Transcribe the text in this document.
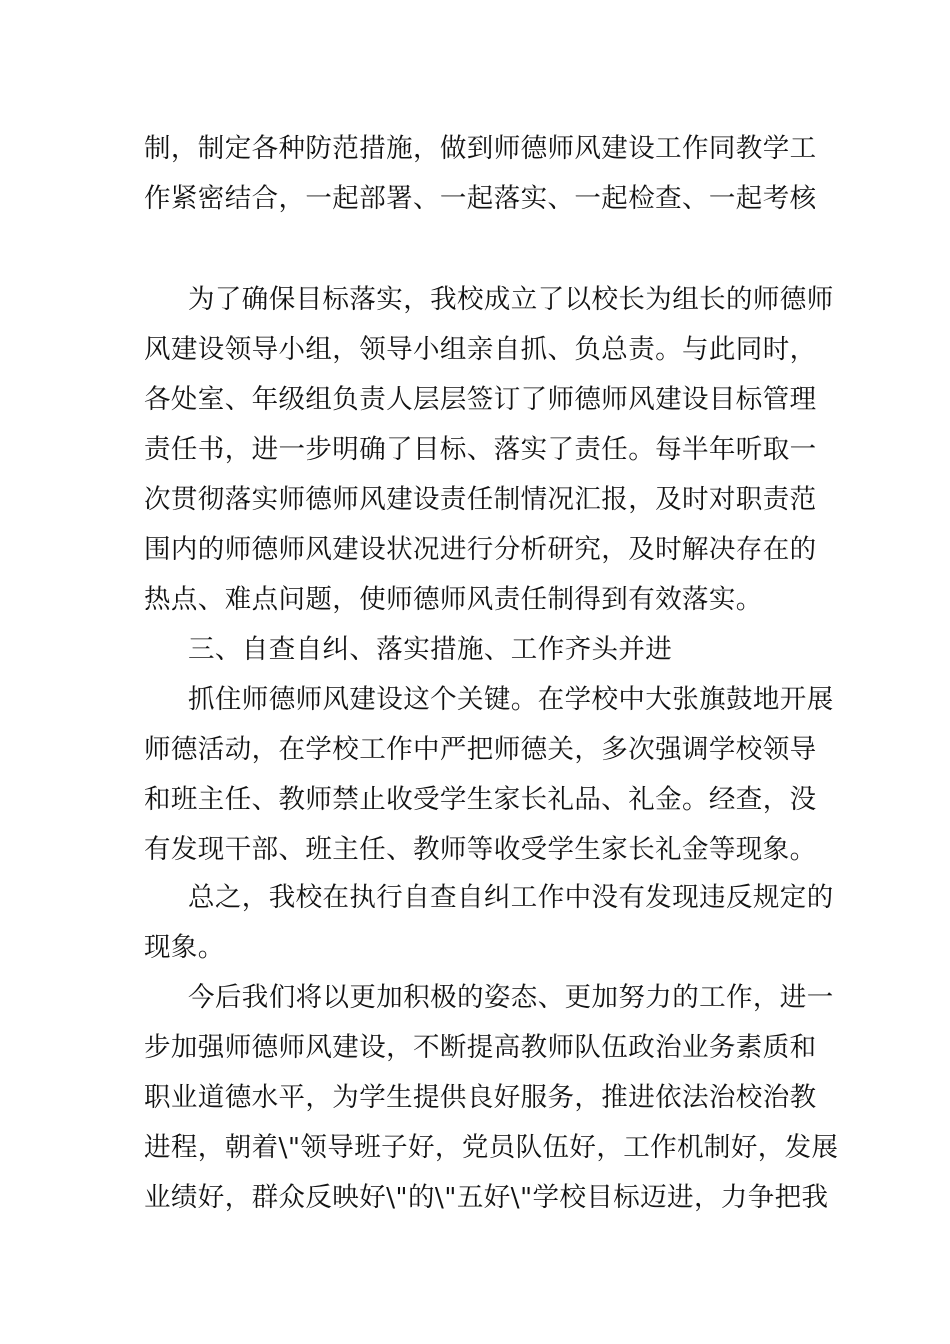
制，制定各种防范措施，做到师德师风建设工作同教学工

作紧密结合，一起部署、一起落实、一起检查、一起考核

为了确保目标落实，我校成立了以校长为组长的师德师

风建设领导小组，领导小组亲自抓、负总责。与此同时，

各处室、年级组负责人层层签订了师德师风建设目标管理

责任书，进一步明确了目标、落实了责任。每半年听取一

次贯彻落实师德师风建设责任制情况汇报，及时对职责范

围内的师德师风建设状况进行分析研究，及时解决存在的

热点、难点问题，使师德师风责任制得到有效落实。

三、自查自纠、落实措施、工作齐头并进

抓住师德师风建设这个关键。在学校中大张旗鼓地开展

师德活动，在学校工作中严把师德关，多次强调学校领导

和班主任、教师禁止收受学生家长礼品、礼金。经查，没

有发现干部、班主任、教师等收受学生家长礼金等现象。

总之，我校在执行自查自纠工作中没有发现违反规定的

现象。

今后我们将以更加积极的姿态、更加努力的工作，进一

步加强师德师风建设，不断提高教师队伍政治业务素质和

职业道德水平，为学生提供良好服务，推进依法治校治教

进程，朝着\"领导班子好，党员队伍好，工作机制好，发展

业绩好，群众反映好\"的\"五好\"学校目标迈进，力争把我
